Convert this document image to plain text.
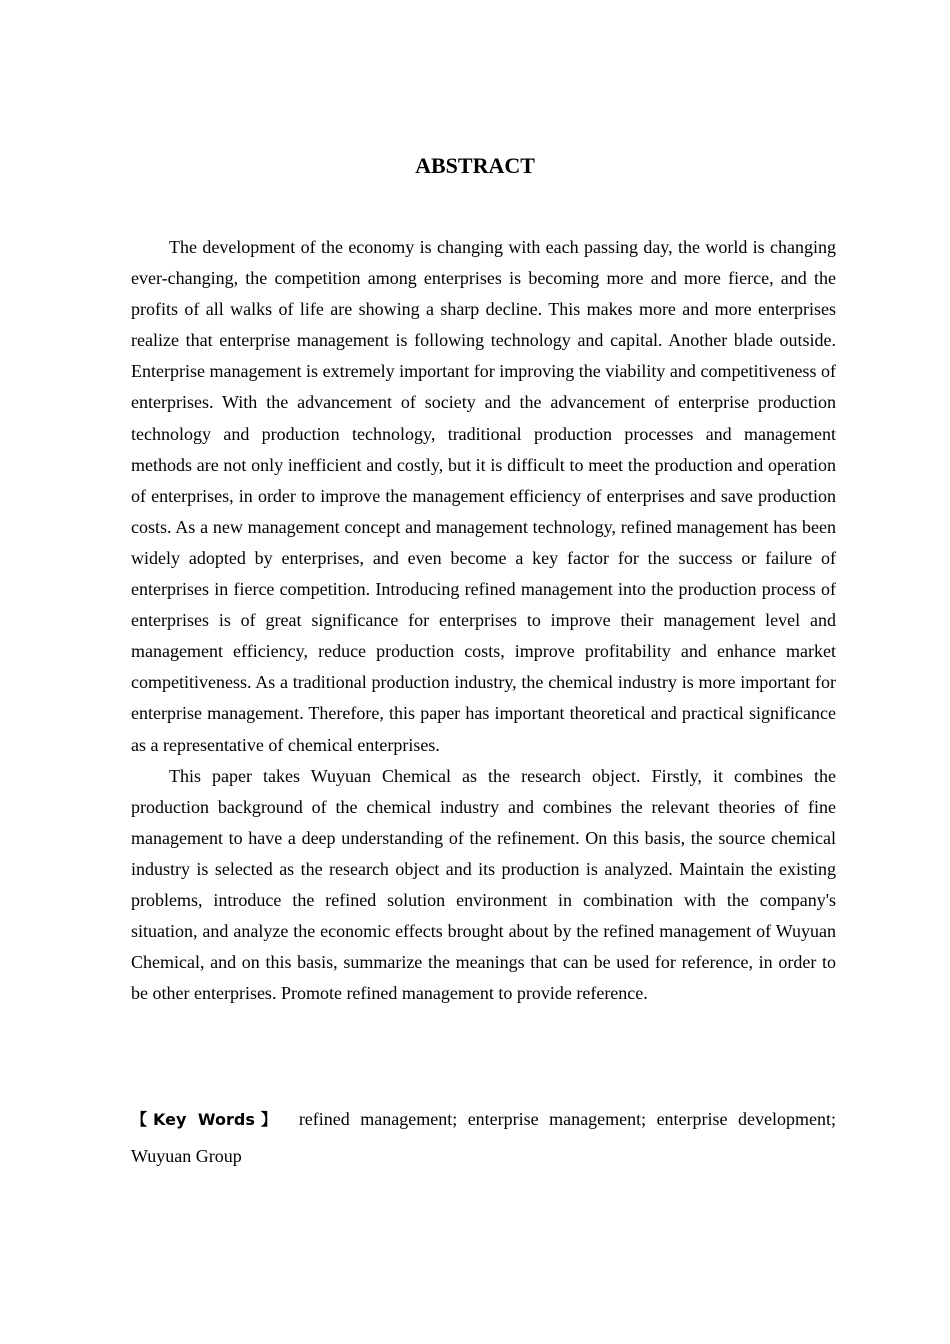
ABSTRACT

The development of the economy is changing with each passing day, the world is changing ever-changing, the competition among enterprises is becoming more and more fierce, and the profits of all walks of life are showing a sharp decline. This makes more and more enterprises realize that enterprise management is following technology and capital. Another blade outside. Enterprise management is extremely important for improving the viability and competitiveness of enterprises. With the advancement of society and the advancement of enterprise production technology and production technology, traditional production processes and management methods are not only inefficient and costly, but it is difficult to meet the production and operation of enterprises, in order to improve the management efficiency of enterprises and save production costs. As a new management concept and management technology, refined management has been widely adopted by enterprises, and even become a key factor for the success or failure of enterprises in fierce competition. Introducing refined management into the production process of enterprises is of great significance for enterprises to improve their management level and management efficiency, reduce production costs, improve profitability and enhance market competitiveness. As a traditional production industry, the chemical industry is more important for enterprise management. Therefore, this paper has important theoretical and practical significance as a representative of chemical enterprises.

This paper takes Wuyuan Chemical as the research object. Firstly, it combines the production background of the chemical industry and combines the relevant theories of fine management to have a deep understanding of the refinement. On this basis, the source chemical industry is selected as the research object and its production is analyzed. Maintain the existing problems, introduce the refined solution environment in combination with the company's situation, and analyze the economic effects brought about by the refined management of Wuyuan Chemical, and on this basis, summarize the meanings that can be used for reference, in order to be other enterprises. Promote refined management to provide reference.

【Key Words】 refined management; enterprise management; enterprise development; Wuyuan Group
